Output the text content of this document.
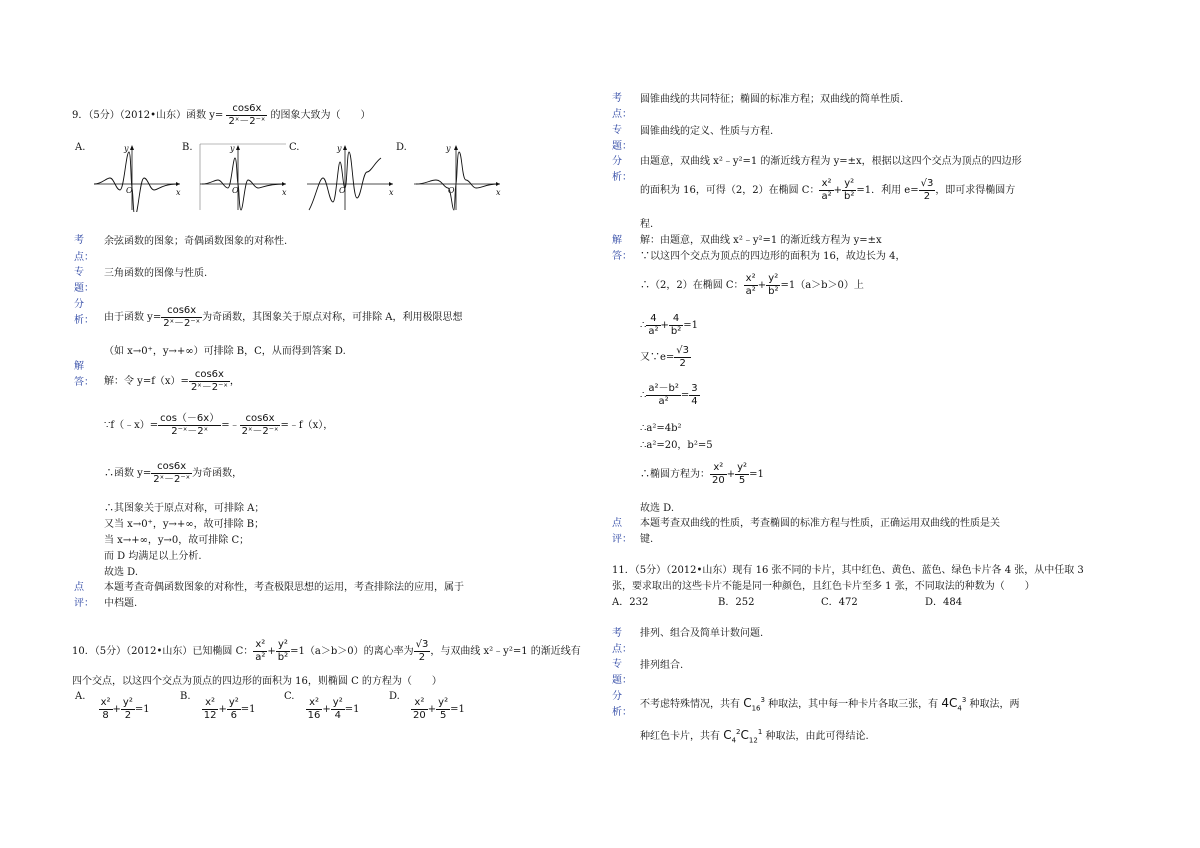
9．（5分）（2012•山东）函数 $y= \frac{\cos 6x}{\text{2ˣ－2⁻ˣ}}$ 的图象大致为（　　）
A.	B.	C.	D.
y
x
O
y
x
O
y
x
O
y
x
O
考
点：
余弦函数的图象；奇偶函数图象的对称性.
专
题：
三角函数的图像与性质.
分
析： 由于函数 $y= \frac{\cos 6x}{\text{2ˣ－2⁻ˣ}}$ 为奇函数，其图象关于原点对称，可排除 A，利用极限思想
（如 x→0⁺，y→+∞）可排除 B，C，从而得到答案 D.
解
答： 解：令 $y=f(x)= \frac{\cos 6x}{\text{2ˣ－2⁻ˣ}}$ ，
∵f（﹣x）= $\frac{\cos(-6x)}{\text{2⁻ˣ－2ˣ}}$ =﹣ $\frac{\cos 6x}{\text{2ˣ－2⁻ˣ}}$ =﹣f（x），
∴函数 $y= \frac{\cos 6x}{\text{2ˣ－2⁻ˣ}}$ 为奇函数，
∴其图象关于原点对称，可排除 A；
又当 x→0⁺，y→+∞，故可排除 B；
当 x→+∞，y→0，故可排除 C；
而 D 均满足以上分析.
故选 D.
点
评：
本题考查奇偶函数图象的对称性，考查极限思想的运用，考查排除法的应用，属于
中档题.
10．（5分）（2012•山东）已知椭圆 C： $\frac{\text{x²}}{\text{a²}} + \frac{\text{y²}}{\text{b²}} =1(a>b>0)$的离心率为 $\frac{√3}{2}$ ，与双曲线 x²﹣y²=1 的渐近线有
四个交点，以这四个交点为顶点的四边形的面积为 16，则椭圆 C 的方程为（　　）
A.
$\frac{\text{x²}}{8} + \frac{\text{y²}}{2} =1$
B.
$\frac{\text{x²}}{12} + \frac{\text{y²}}{6} =1$
C.
$\frac{\text{x²}}{16} + \frac{\text{y²}}{4} =1$
D.
$\frac{\text{x²}}{20} + \frac{\text{y²}}{5} =1$
考
点：
圆锥曲线的共同特征；椭圆的标准方程；双曲线的简单性质.
专
题：
圆锥曲线的定义、性质与方程.
分
析：
由题意，双曲线 x²﹣y²=1 的渐近线方程为 y=±x，根据以这四个交点为顶点的四边形
的面积为 16，可得（2，2）在椭圆 C： $\frac{\text{x²}}{\text{a²}} + \frac{\text{y²}}{\text{b²}} =1$．利用 $e= \frac{√3}{2}$ ，即可求得椭圆方
程.
解
答：
解：由题意，双曲线 x²﹣y²=1 的渐近线方程为 y=±x
∵以这四个交点为顶点的四边形的面积为 16，故边长为 4，
∴（2，2）在椭圆 C： $\frac{\text{x²}}{\text{a²}} + \frac{\text{y²}}{\text{b²}} =1(a>b>0)$上
∴ $\frac{4}{\text{a²}} + \frac{4}{\text{b²}} =1$
又∵e= $\frac{√3}{2}$
∴ $\frac{\text{a²－b²}}{\text{a²}} = \frac{3}{4}$
∴a²=4b²
∴a²=20，b²=5
∴椭圆方程为： $\frac{\text{x²}}{20} + \frac{\text{y²}}{5} =1$
故选 D.
点
评：
本题考查双曲线的性质，考查椭圆的标准方程与性质，正确运用双曲线的性质是关
键.
11．（5分）（2012•山东）现有 16 张不同的卡片，其中红色、黄色、蓝色、绿色卡片各 4 张，从中任取 3
张，要求取出的这些卡片不能是同一种颜色，且红色卡片至多 1 张，不同取法的种数为（　　）
A．232	B．252	C．472	D．484
考
点：
排列、组合及简单计数问题.
专
题：
排列组合.
分
析：
不考虑特殊情况，共有 $C_{16}^3$ 种取法，其中每一种卡片各取三张，有 $4C_4^3$ 种取法，两
种红色卡片，共有 $C_4^2C_{12}^1$ 种取法，由此可得结论.
